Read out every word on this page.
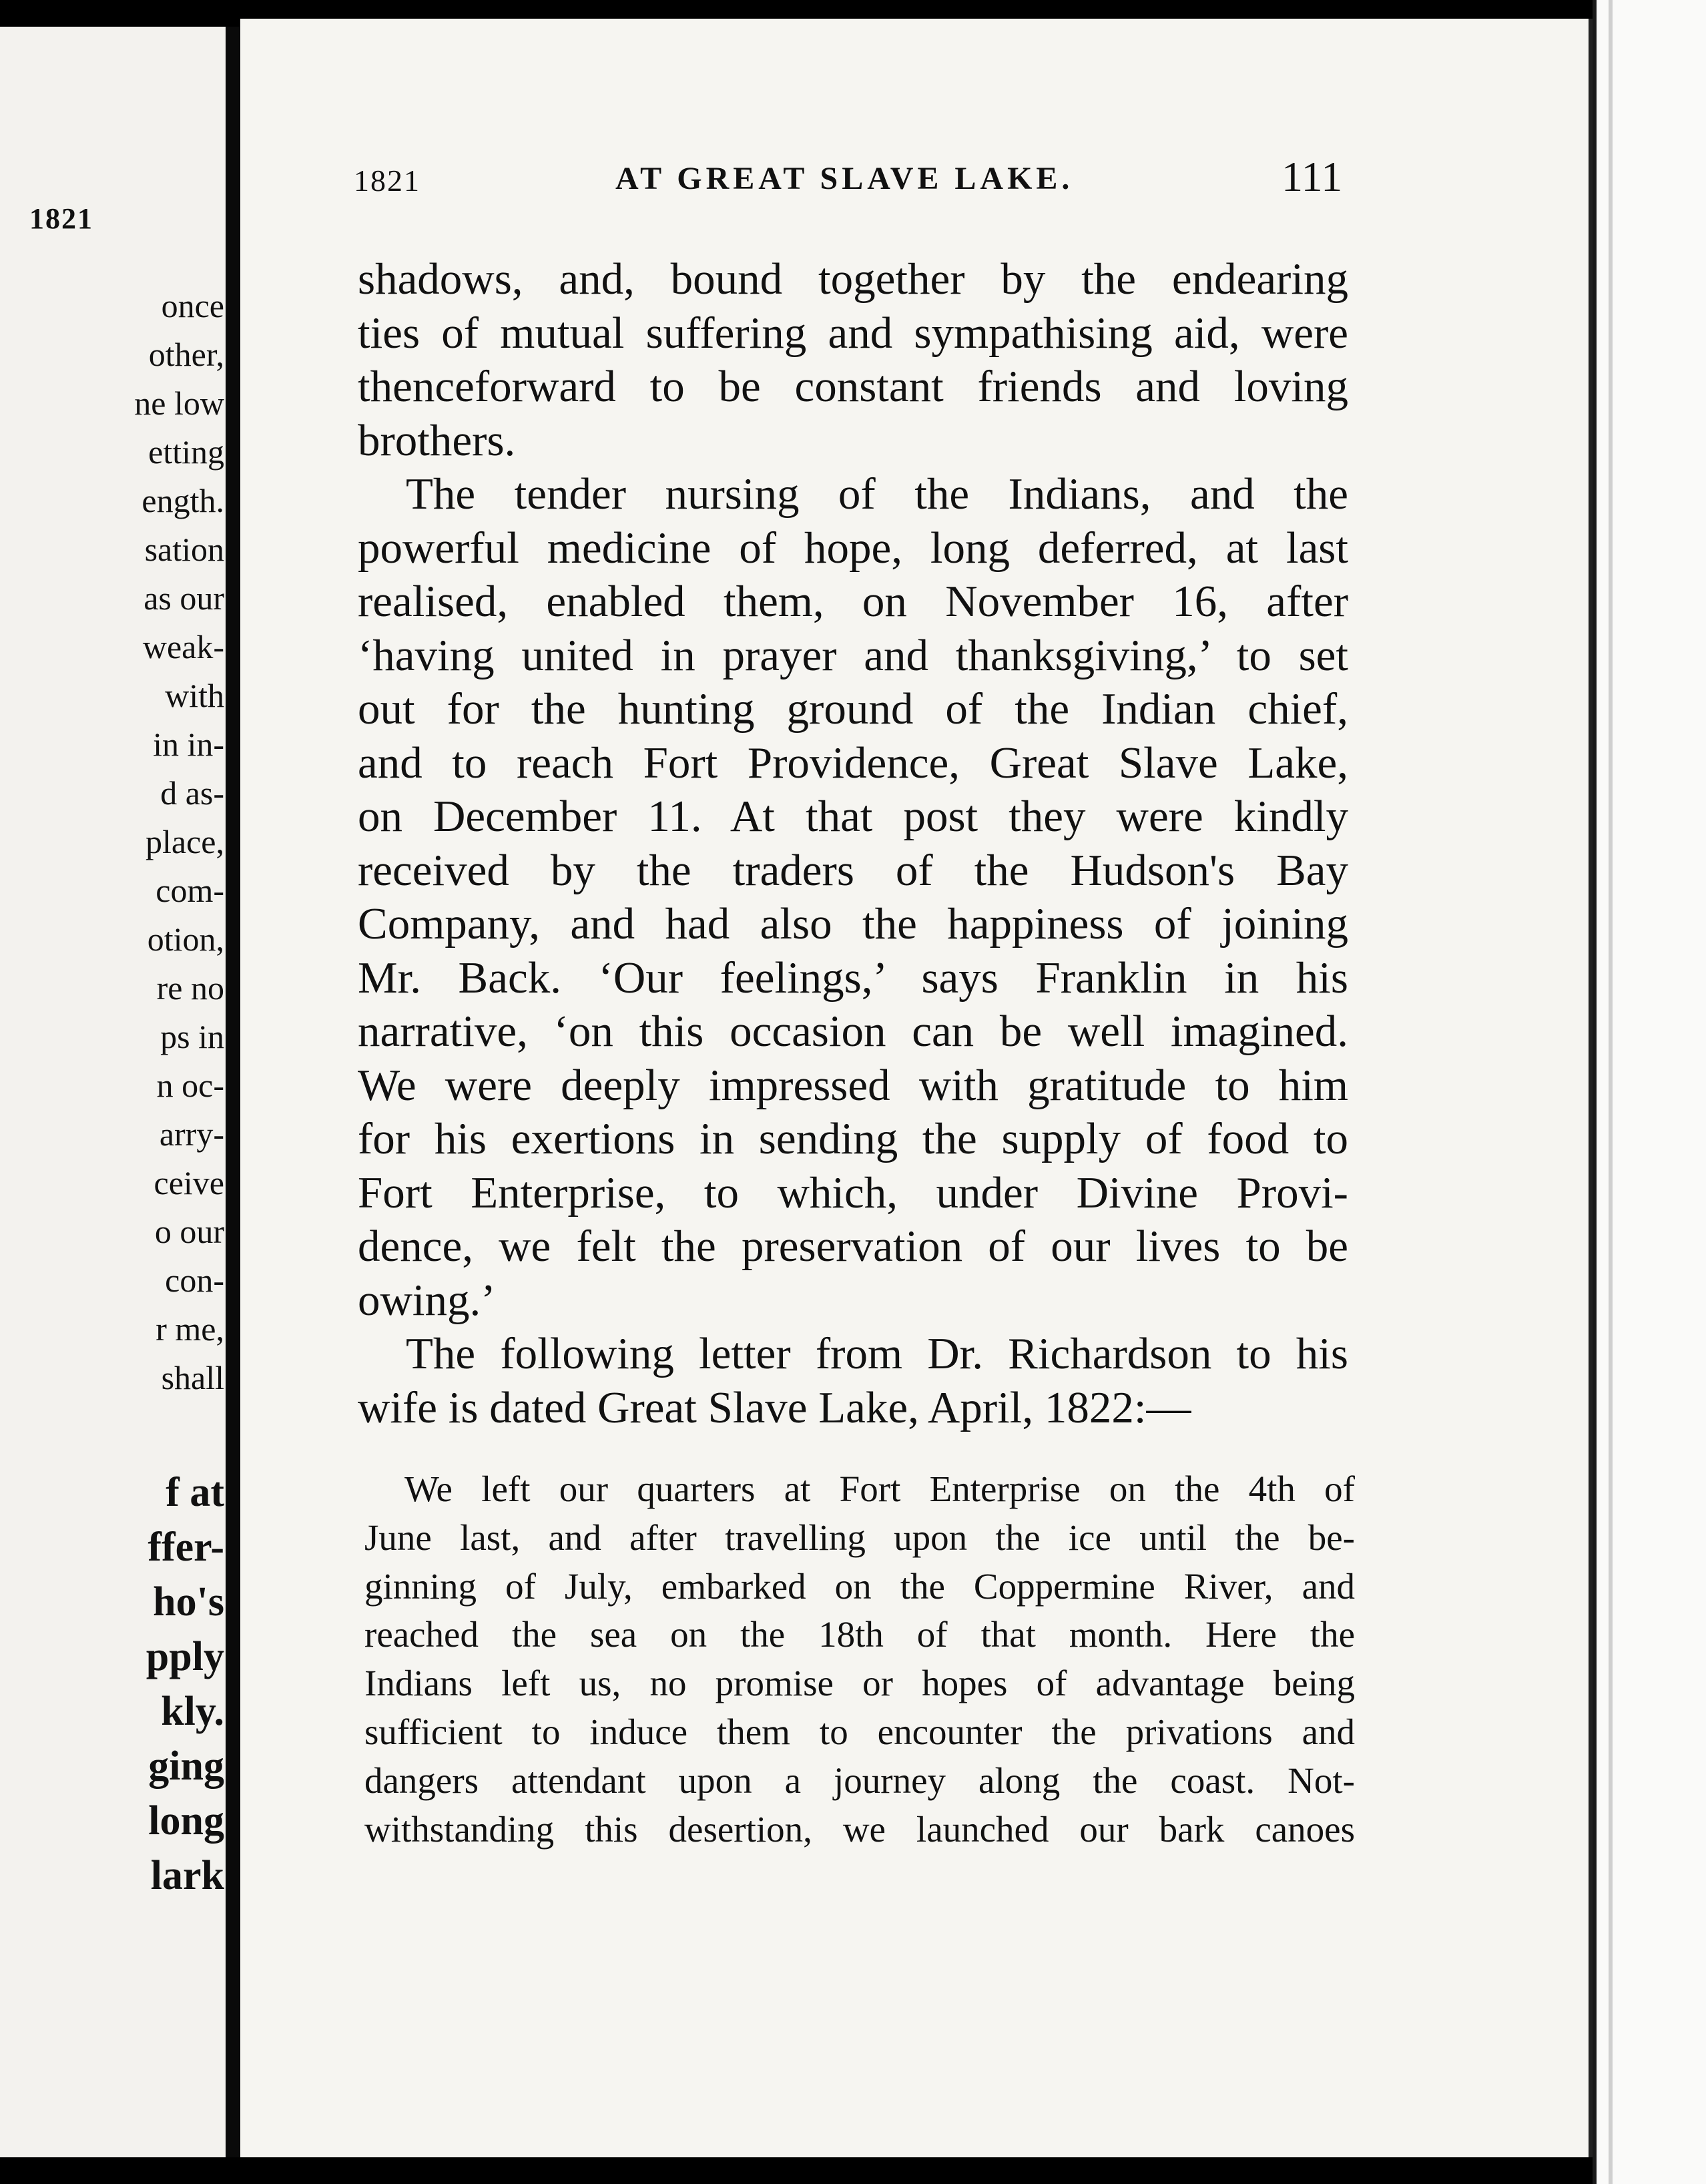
1821
once
other,
ne low
etting
ength.
sation
as our
weak-
with
in in-
d as-
place,
com-
otion,
re no
ps in
n oc-
arry-
ceive
o our
con-
r me,
shall
f at
ffer-
ho's
pply
kly.
ging
long
lark
1821	AT GREAT SLAVE LAKE.	111
shadows, and, bound together by the endearing
ties of mutual suffering and sympathising aid, were
thenceforward to be constant friends and loving
brothers.
The tender nursing of the Indians, and the
powerful medicine of hope, long deferred, at last
realised, enabled them, on November 16, after
‘having united in prayer and thanksgiving,’ to set
out for the hunting ground of the Indian chief,
and to reach Fort Providence, Great Slave Lake,
on December 11. At that post they were kindly
received by the traders of the Hudson's Bay
Company, and had also the happiness of joining
Mr. Back. ‘Our feelings,’ says Franklin in his
narrative, ‘on this occasion can be well imagined.
We were deeply impressed with gratitude to him
for his exertions in sending the supply of food to
Fort Enterprise, to which, under Divine Provi-
dence, we felt the preservation of our lives to be
owing.’
The following letter from Dr. Richardson to his
wife is dated Great Slave Lake, April, 1822:—
We left our quarters at Fort Enterprise on the 4th of
June last, and after travelling upon the ice until the be-
ginning of July, embarked on the Coppermine River, and
reached the sea on the 18th of that month. Here the
Indians left us, no promise or hopes of advantage being
sufficient to induce them to encounter the privations and
dangers attendant upon a journey along the coast. Not-
withstanding this desertion, we launched our bark canoes
